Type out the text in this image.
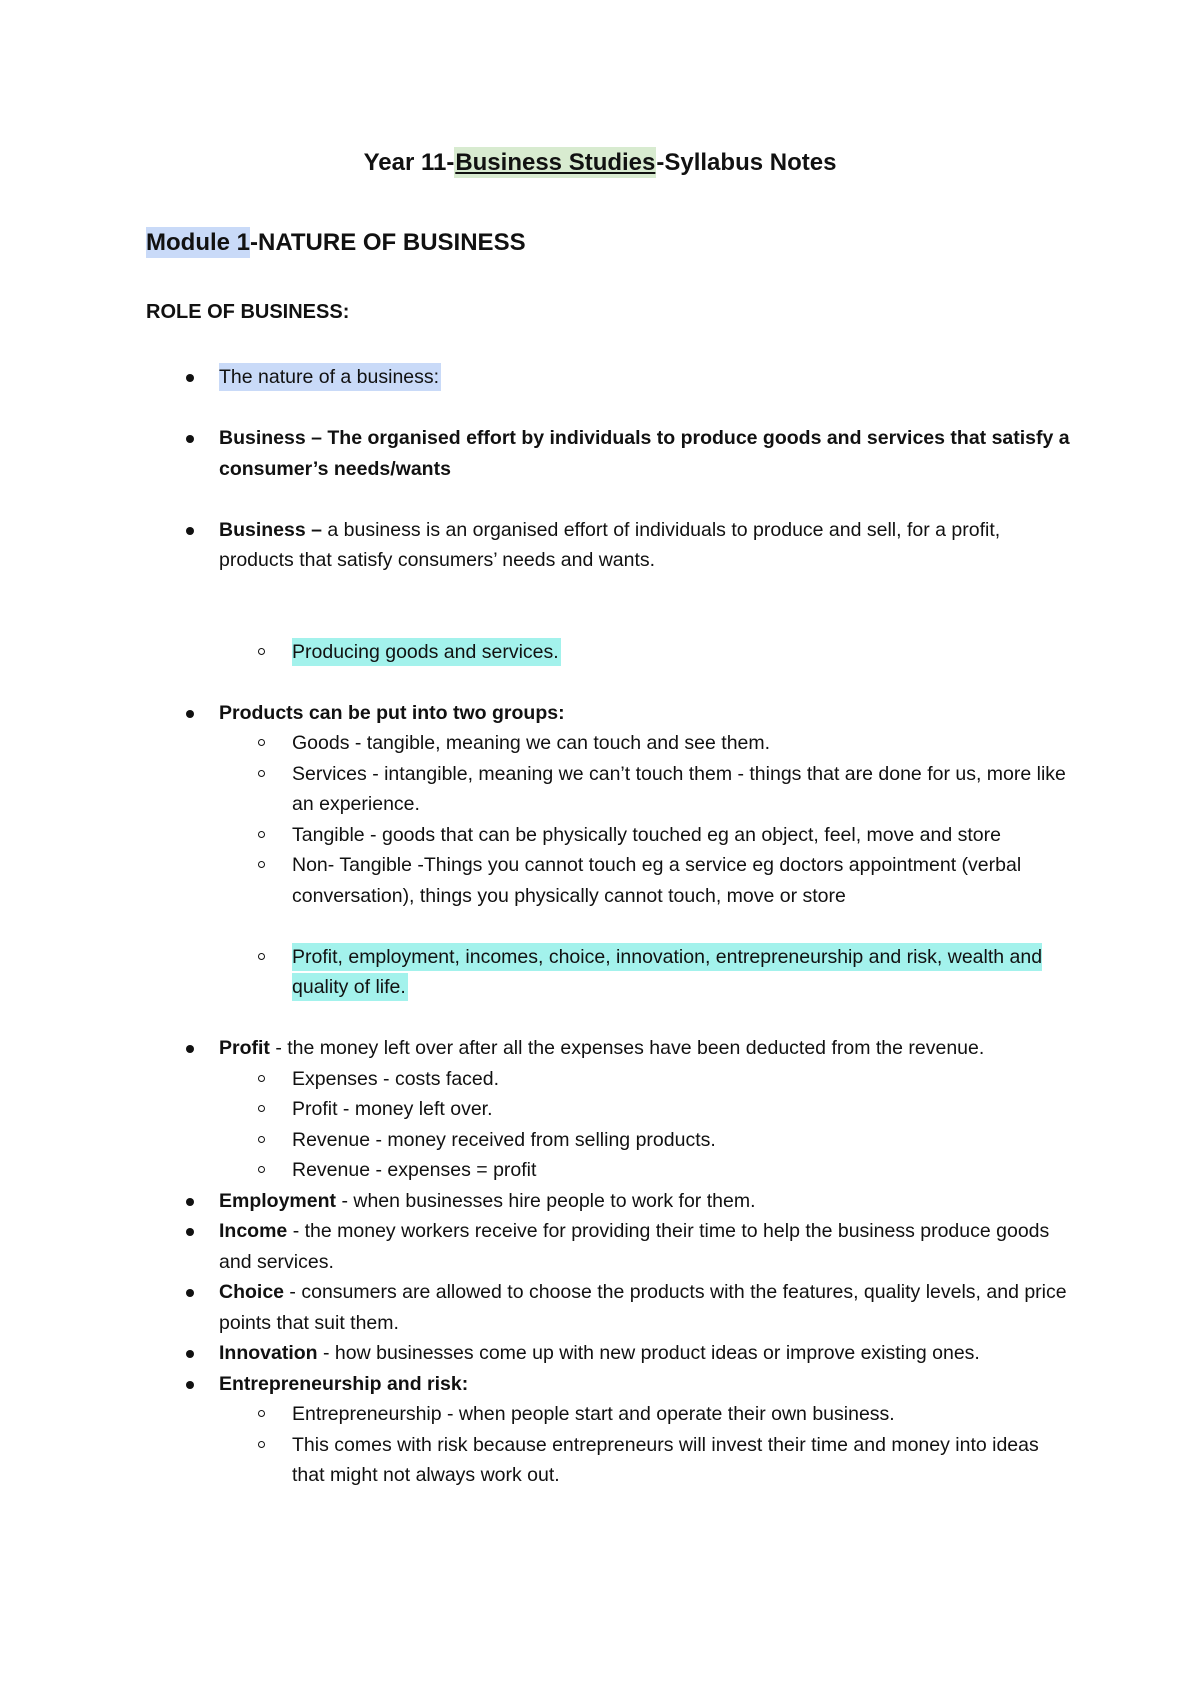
Year 11-Business Studies-Syllabus Notes
Module 1-NATURE OF BUSINESS
ROLE OF BUSINESS:
The nature of a business:
Business – The organised effort by individuals to produce goods and services that satisfy a consumer’s needs/wants
Business – a business is an organised effort of individuals to produce and sell, for a profit, products that satisfy consumers’ needs and wants.
Producing goods and services.
Products can be put into two groups:
Goods - tangible, meaning we can touch and see them.
Services - intangible, meaning we can’t touch them - things that are done for us, more like an experience.
Tangible - goods that can be physically touched eg an object, feel, move and store
Non- Tangible -Things you cannot touch eg a service eg doctors appointment (verbal conversation), things you physically cannot touch, move or store
Profit, employment, incomes, choice, innovation, entrepreneurship and risk, wealth and quality of life.
Profit - the money left over after all the expenses have been deducted from the revenue.
Expenses - costs faced.
Profit - money left over.
Revenue - money received from selling products.
Revenue - expenses = profit
Employment - when businesses hire people to work for them.
Income - the money workers receive for providing their time to help the business produce goods and services.
Choice - consumers are allowed to choose the products with the features, quality levels, and price points that suit them.
Innovation - how businesses come up with new product ideas or improve existing ones.
Entrepreneurship and risk:
Entrepreneurship - when people start and operate their own business.
This comes with risk because entrepreneurs will invest their time and money into ideas that might not always work out.
